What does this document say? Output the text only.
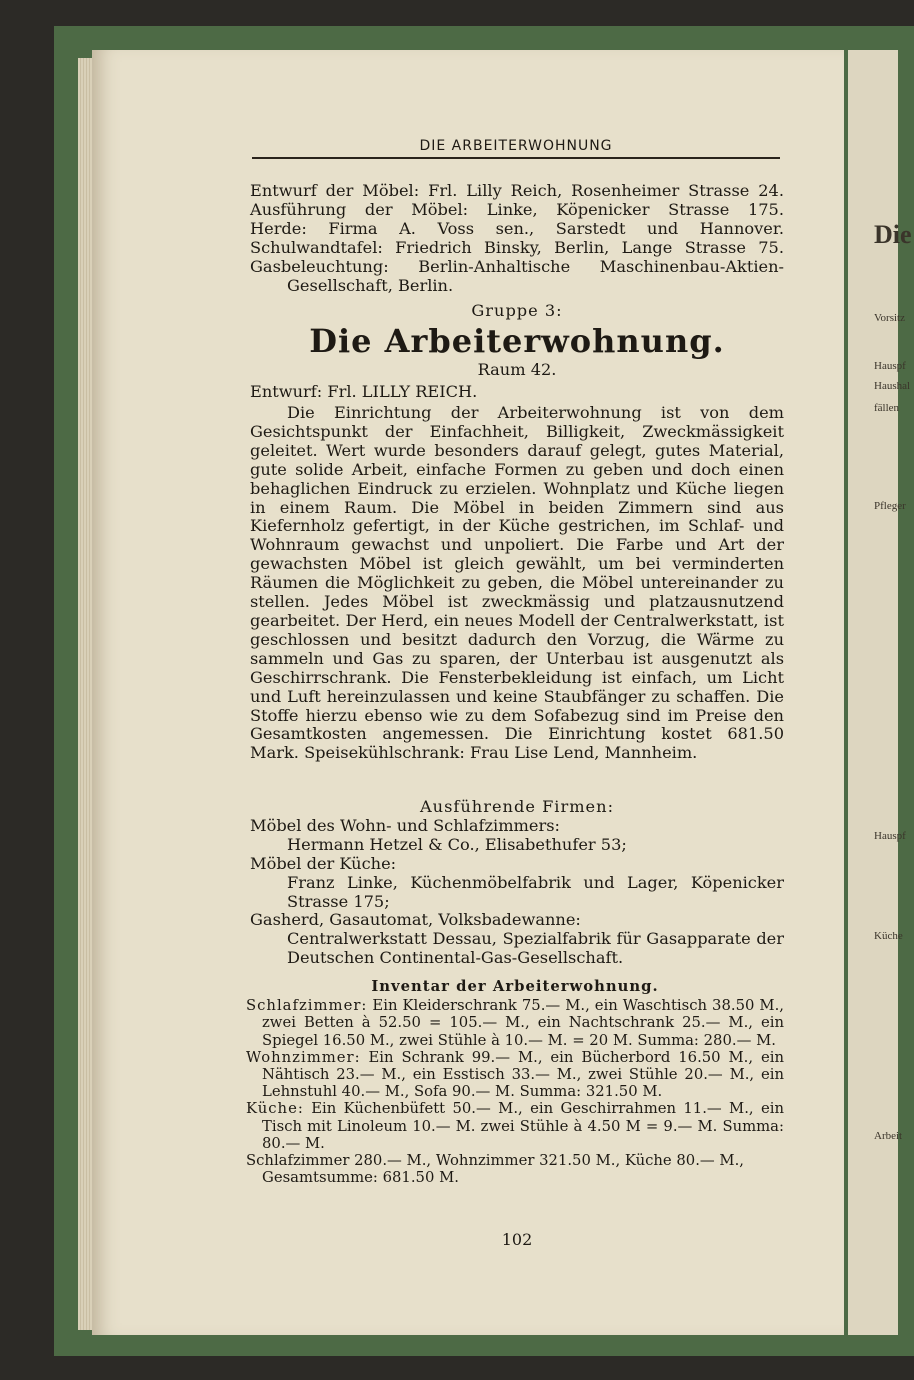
Die
Vorsitz
Hauspf
Haushal
fällen
Pfleger
Hauspf
Küche
Arbeit
DIE ARBEITERWOHNUNG

Entwurf der Möbel: Frl. Lilly Reich, Rosenheimer Strasse 24.

Ausführung der Möbel: Linke, Köpenicker Strasse 175.

Herde: Firma A. Voss sen., Sarstedt und Hannover.

Schulwandtafel: Friedrich Binsky, Berlin, Lange Strasse 75.

Gasbeleuchtung: Berlin-Anhaltische Maschinenbau-Aktien-Gesellschaft, Berlin.

Gruppe 3:
Die Arbeiterwohnung.
Raum 42.
Entwurf: Frl. LILLY REICH.

Die Einrichtung der Arbeiterwohnung ist von dem Gesichtspunkt der Einfachheit, Billigkeit, Zweckmässigkeit geleitet. Wert wurde besonders darauf gelegt, gutes Material, gute solide Arbeit, einfache Formen zu geben und doch einen behaglichen Eindruck zu erzielen. Wohnplatz und Küche liegen in einem Raum. Die Möbel in beiden Zimmern sind aus Kiefernholz gefertigt, in der Küche gestrichen, im Schlaf- und Wohnraum gewachst und unpoliert. Die Farbe und Art der gewachsten Möbel ist gleich gewählt, um bei verminderten Räumen die Möglichkeit zu geben, die Möbel untereinander zu stellen. Jedes Möbel ist zweckmässig und platzausnutzend gearbeitet. Der Herd, ein neues Modell der Centralwerkstatt, ist geschlossen und besitzt dadurch den Vorzug, die Wärme zu sammeln und Gas zu sparen, der Unterbau ist ausgenutzt als Geschirrschrank. Die Fensterbekleidung ist einfach, um Licht und Luft hereinzulassen und keine Staubfänger zu schaffen. Die Stoffe hierzu ebenso wie zu dem Sofabezug sind im Preise den Gesamtkosten angemessen. Die Einrichtung kostet 681.50 Mark. Speisekühlschrank: Frau Lise Lend, Mannheim.

Ausführende Firmen:

Möbel des Wohn- und Schlafzimmers:

Hermann Hetzel & Co., Elisabethufer 53;

Möbel der Küche:

Franz Linke, Küchenmöbelfabrik und Lager, Köpenicker Strasse 175;

Gasherd, Gasautomat, Volksbadewanne:

Centralwerkstatt Dessau, Spezialfabrik für Gasapparate der Deutschen Continental-Gas-Gesellschaft.

Inventar der Arbeiterwohnung.

Schlafzimmer: Ein Kleiderschrank 75.— M., ein Waschtisch 38.50 M., zwei Betten à 52.50 = 105.— M., ein Nachtschrank 25.— M., ein Spiegel 16.50 M., zwei Stühle à 10.— M. = 20 M. Summa: 280.— M.

Wohnzimmer: Ein Schrank 99.— M., ein Bücherbord 16.50 M., ein Nähtisch 23.— M., ein Esstisch 33.— M., zwei Stühle 20.— M., ein Lehnstuhl 40.— M., Sofa 90.— M. Summa: 321.50 M.

Küche: Ein Küchenbüfett 50.— M., ein Geschirrahmen 11.— M., ein Tisch mit Linoleum 10.— M. zwei Stühle à 4.50 M = 9.— M. Summa: 80.— M.

Schlafzimmer 280.— M., Wohnzimmer 321.50 M., Küche 80.— M.,

Gesamtsumme: 681.50 M.

102
